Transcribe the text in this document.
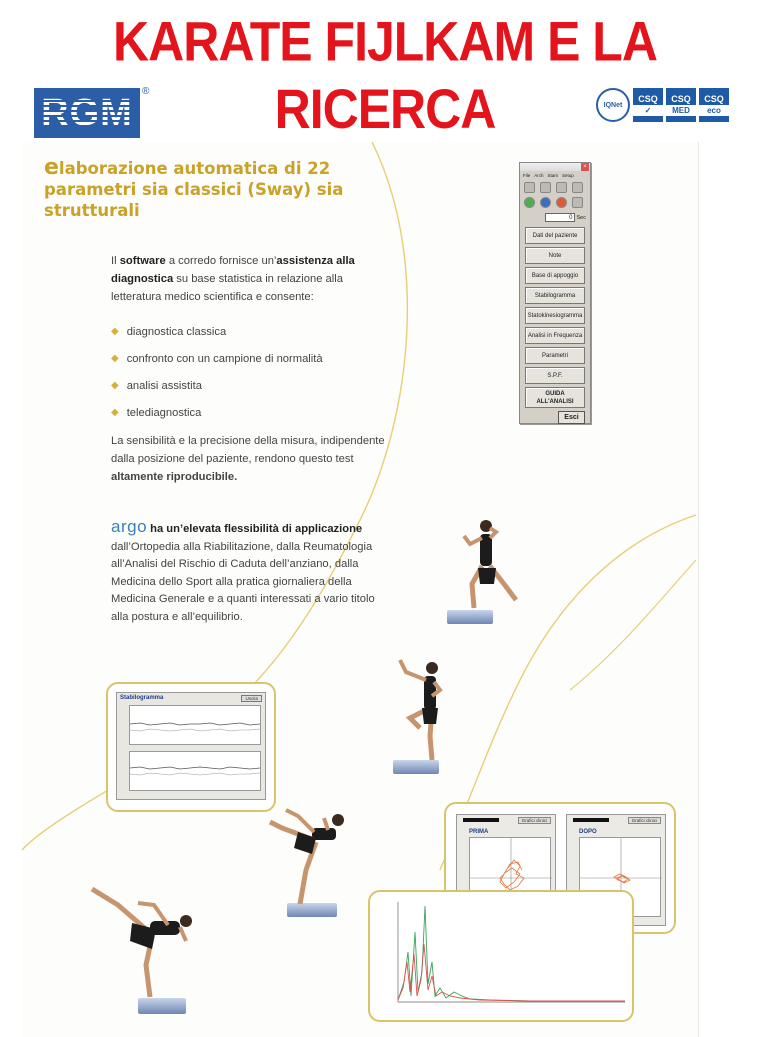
KARATE FIJLKAM E LA RICERCA
RGM ®
IQNet
CSQ
✓
CSQ
MED
CSQ
eco
elaborazione automatica di 22 parametri sia classici (Sway) sia strutturali

Il software a corredo fornisce un’assistenza alla diagnostica su base statistica in relazione alla letteratura medico scientifica e consente:

◆ diagnostica classica
◆ confronto con un campione di normalità
◆ analisi assistita
◆ telediagnostica

La sensibilità e la precisione della misura, indipendente dalla posizione del paziente, rendono questo test altamente riproducibile.

argo ha un’elevata flessibilità di applicazione dall’Ortopedia alla Riabilitazione, dalla Reumatologia all’Analisi del Rischio di Caduta dell’anziano, dalla Medicina dello Sport alla pratica giornaliera della Medicina Generale e a quanti interessati a vario titolo alla postura e all’equilibrio.

×
File Arch Stam Setup
0 Sec
Dati del paziente
Note
Base di appoggio
Stabilogramma
Statokinesiogramma
Analisi in Frequenza
Parametri
S.P.F.
GUIDA
ALL'ANALISI
Esci
Stabilogramma	Uscita
Grafici clinici
PRIMA
Grafici clinici
DOPO
